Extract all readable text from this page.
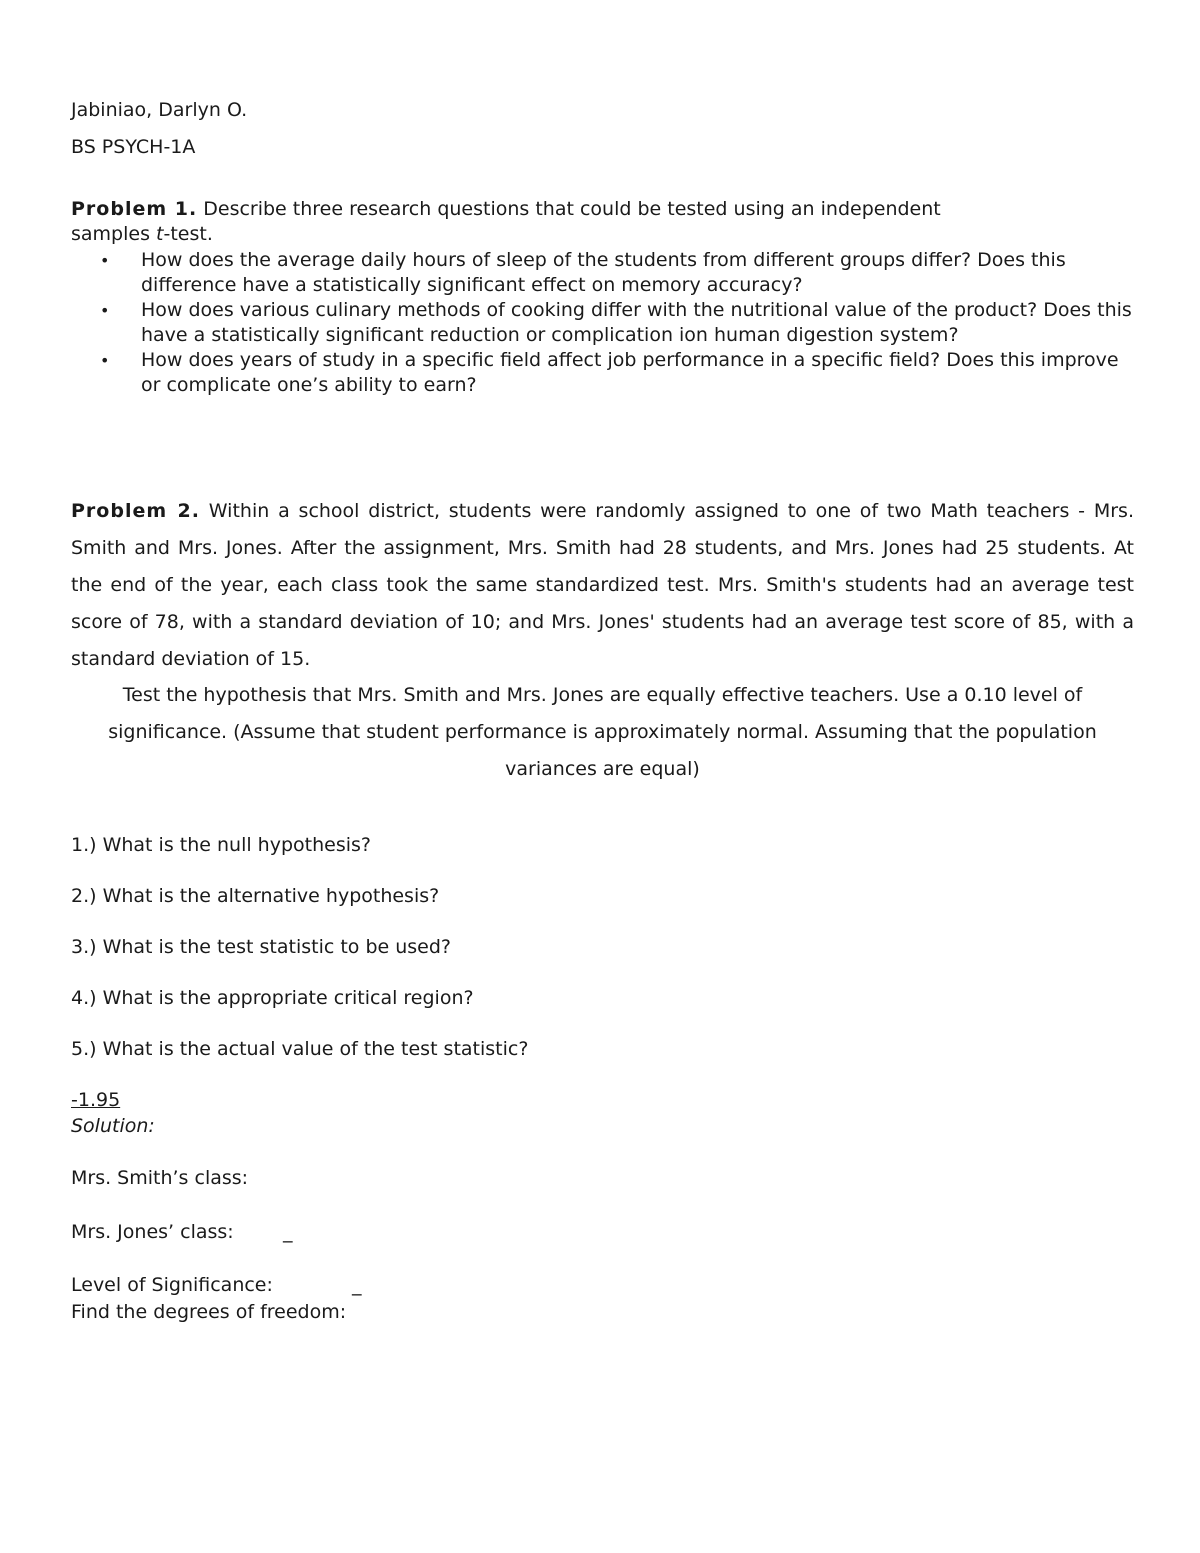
Jabiniao, Darlyn O.
BS PSYCH-1A
Problem 1. Describe three research questions that could be tested using an independent
samples t-test.
• How does the average daily hours of sleep of the students from different groups differ? Does this difference have a statistically significant effect on memory accuracy?
• How does various culinary methods of cooking differ with the nutritional value of the product? Does this have a statistically significant reduction or complication ion human digestion system?
• How does years of study in a specific field affect job performance in a specific field? Does this improve or complicate one’s ability to earn?
Problem 2. Within a school district, students were randomly assigned to one of two Math teachers - Mrs. Smith and Mrs. Jones. After the assignment, Mrs. Smith had 28 students, and Mrs. Jones had 25 students. At the end of the year, each class took the same standardized test. Mrs. Smith's students had an average test score of 78, with a standard deviation of 10; and Mrs. Jones' students had an average test score of 85, with a standard deviation of 15.
Test the hypothesis that Mrs. Smith and Mrs. Jones are equally effective teachers. Use a 0.10 level of significance. (Assume that student performance is approximately normal. Assuming that the population variances are equal)
1.) What is the null hypothesis?
2.) What is the alternative hypothesis?
3.) What is the test statistic to be used?
4.) What is the appropriate critical region?
5.) What is the actual value of the test statistic?
-1.95
Solution:
Mrs. Smith’s class:
Mrs. Jones’ class:	_
Level of Significance:	_
Find the degrees of freedom:
